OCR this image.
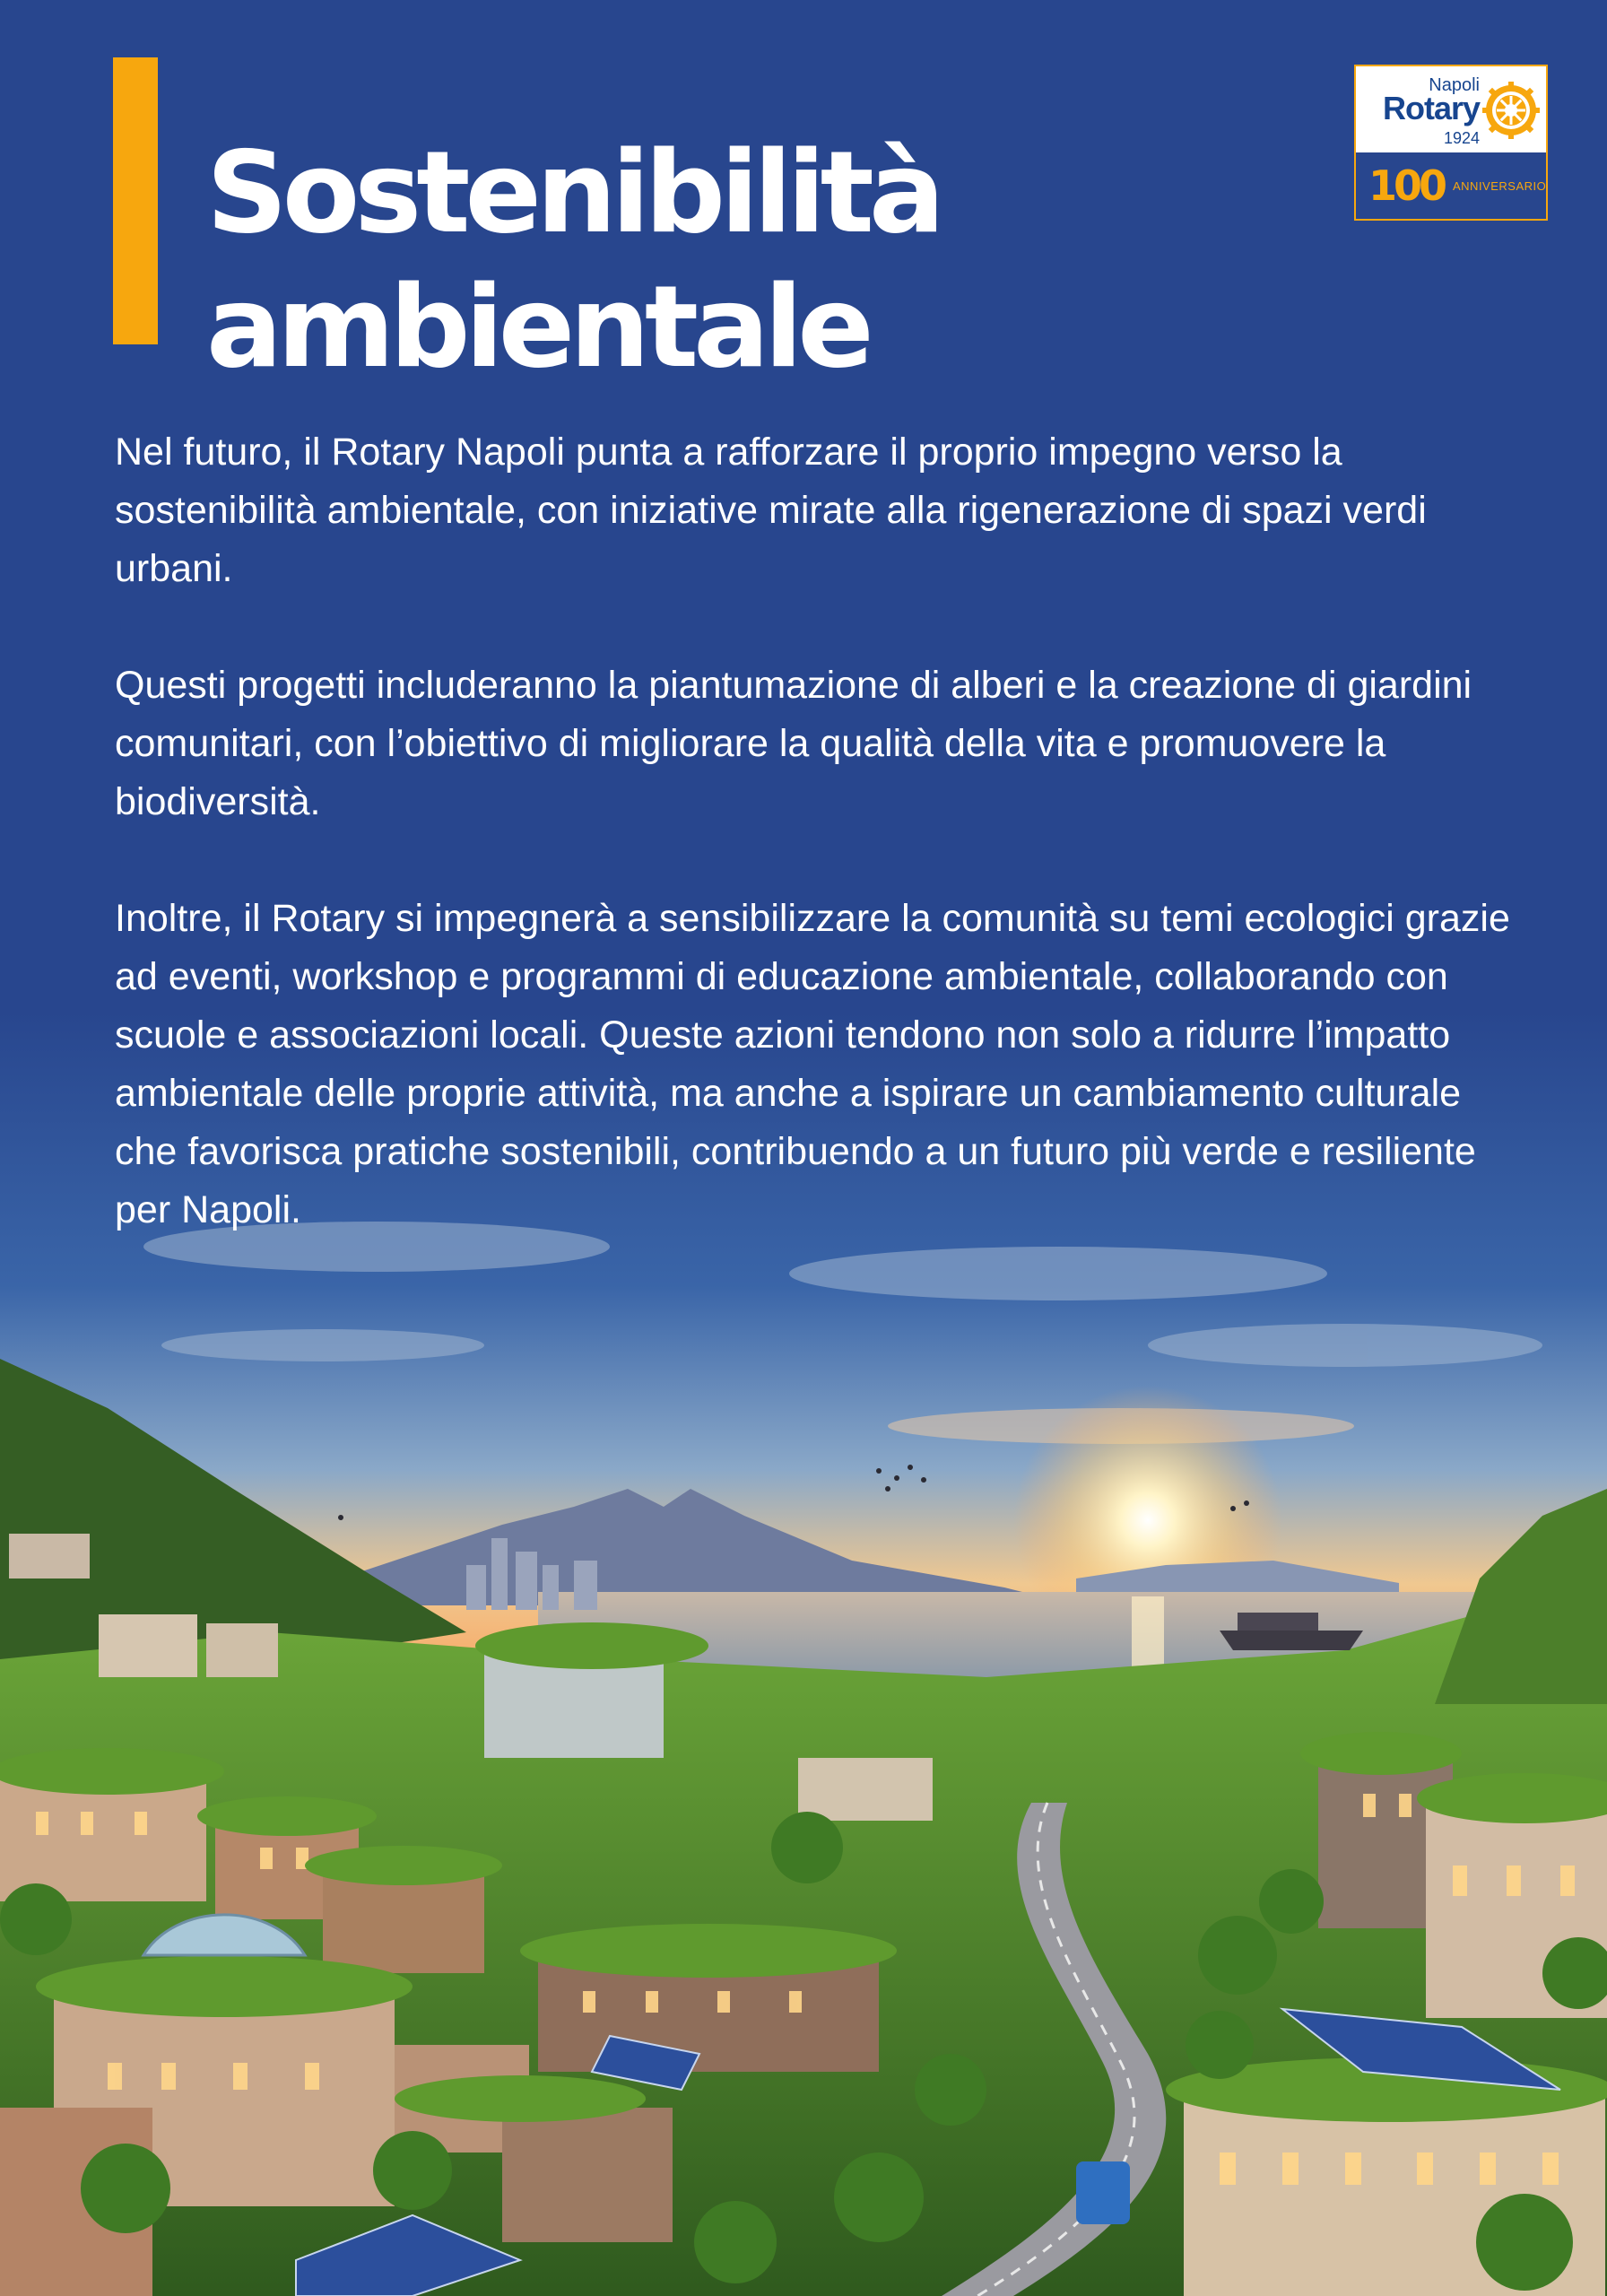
Sostenibilità
ambientale
Napoli
Rotary
1924
100 ANNIVERSARIO

Nel futuro, il Rotary Napoli punta a rafforzare il proprio impegno verso la sostenibilità ambientale, con iniziative mirate alla rigenerazione di spazi verdi urbani.

Questi progetti includeranno la piantumazione di alberi e la creazione di giardini comunitari, con l’obiettivo di migliorare la qualità della vita e promuovere la biodiversità.

Inoltre, il Rotary si impegnerà a sensibilizzare la comunità su temi ecologici grazie ad eventi, workshop e programmi di educazione ambientale, collaborando con scuole e associazioni locali. Queste azioni tendono non solo a ridurre l’impatto ambientale delle proprie attività, ma anche a ispirare un cambiamento culturale che favorisca pratiche sostenibili, contribuendo a un futuro più verde e resiliente per Napoli.
